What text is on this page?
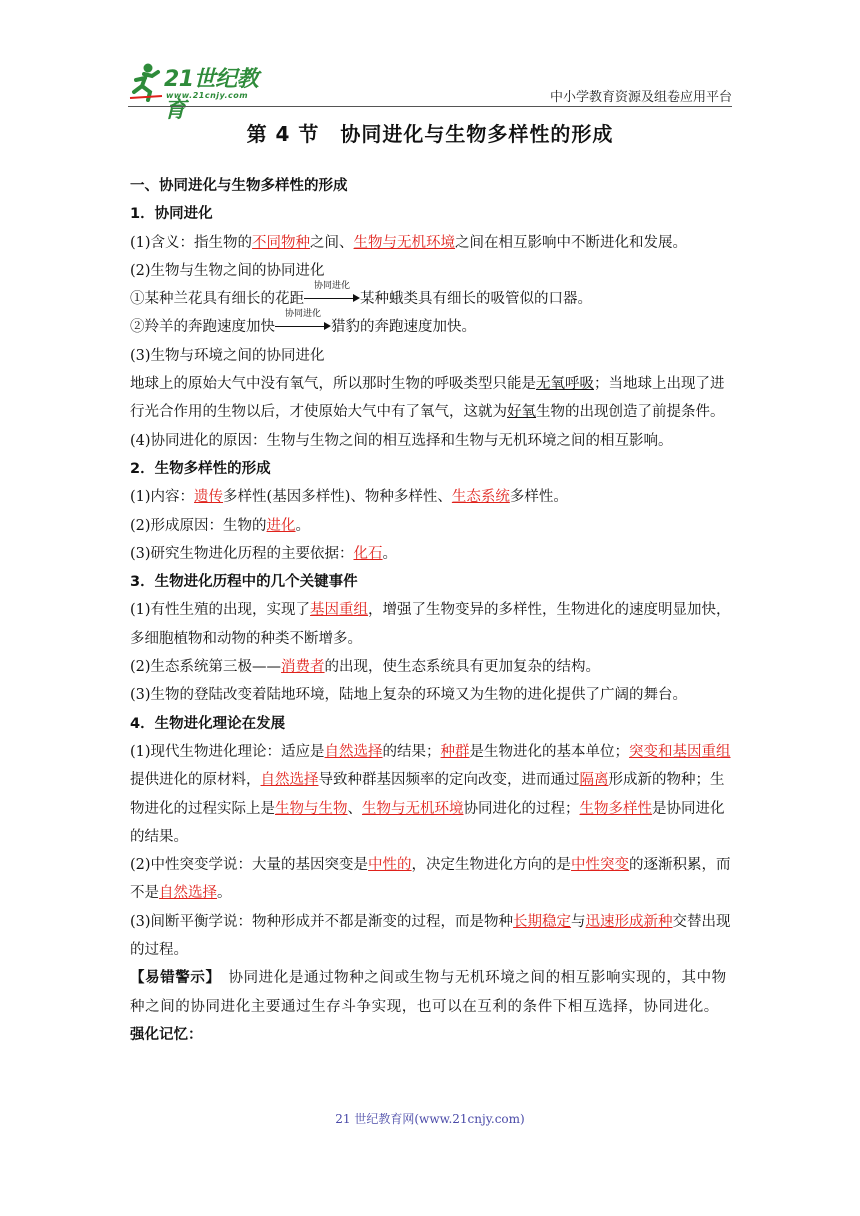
21世纪教育
www.21cnjy.com	中小学教育资源及组卷应用平台
第 4 节　协同进化与生物多样性的形成

一、协同进化与生物多样性的形成

1．协同进化

(1)含义：指生物的不同物种之间、生物与无机环境之间在相互影响中不断进化和发展。

(2)生物与生物之间的协同进化

①某种兰花具有细长的花距
协同进化
某种蛾类具有细长的吸管似的口器。

②羚羊的奔跑速度加快
协同进化
猎豹的奔跑速度加快。

(3)生物与环境之间的协同进化

地球上的原始大气中没有氧气，所以那时生物的呼吸类型只能是无氧呼吸；当地球上出现了进行光合作用的生物以后，才使原始大气中有了氧气，这就为好氧生物的出现创造了前提条件。

(4)协同进化的原因：生物与生物之间的相互选择和生物与无机环境之间的相互影响。

2．生物多样性的形成

(1)内容：遗传多样性(基因多样性)、物种多样性、生态系统多样性。

(2)形成原因：生物的进化。

(3)研究生物进化历程的主要依据：化石。

3．生物进化历程中的几个关键事件

(1)有性生殖的出现，实现了基因重组，增强了生物变异的多样性，生物进化的速度明显加快，多细胞植物和动物的种类不断增多。

(2)生态系统第三极——消费者的出现，使生态系统具有更加复杂的结构。

(3)生物的登陆改变着陆地环境，陆地上复杂的环境又为生物的进化提供了广阔的舞台。

4．生物进化理论在发展

(1)现代生物进化理论：适应是自然选择的结果；种群是生物进化的基本单位；突变和基因重组提供进化的原材料，自然选择导致种群基因频率的定向改变，进而通过隔离形成新的物种；生物进化的过程实际上是生物与生物、生物与无机环境协同进化的过程；生物多样性是协同进化的结果。

(2)中性突变学说：大量的基因突变是中性的，决定生物进化方向的是中性突变的逐渐积累，而不是自然选择。

(3)间断平衡学说：物种形成并不都是渐变的过程，而是物种长期稳定与迅速形成新种交替出现的过程。

【易错警示】　 协同进化是通过物种之间或生物与无机环境之间的相互影响实现的，其中物种之间的协同进化主要通过生存斗争实现，也可以在互利的条件下相互选择，协同进化。

强化记忆：

21 世纪教育网(www.21cnjy.com)
